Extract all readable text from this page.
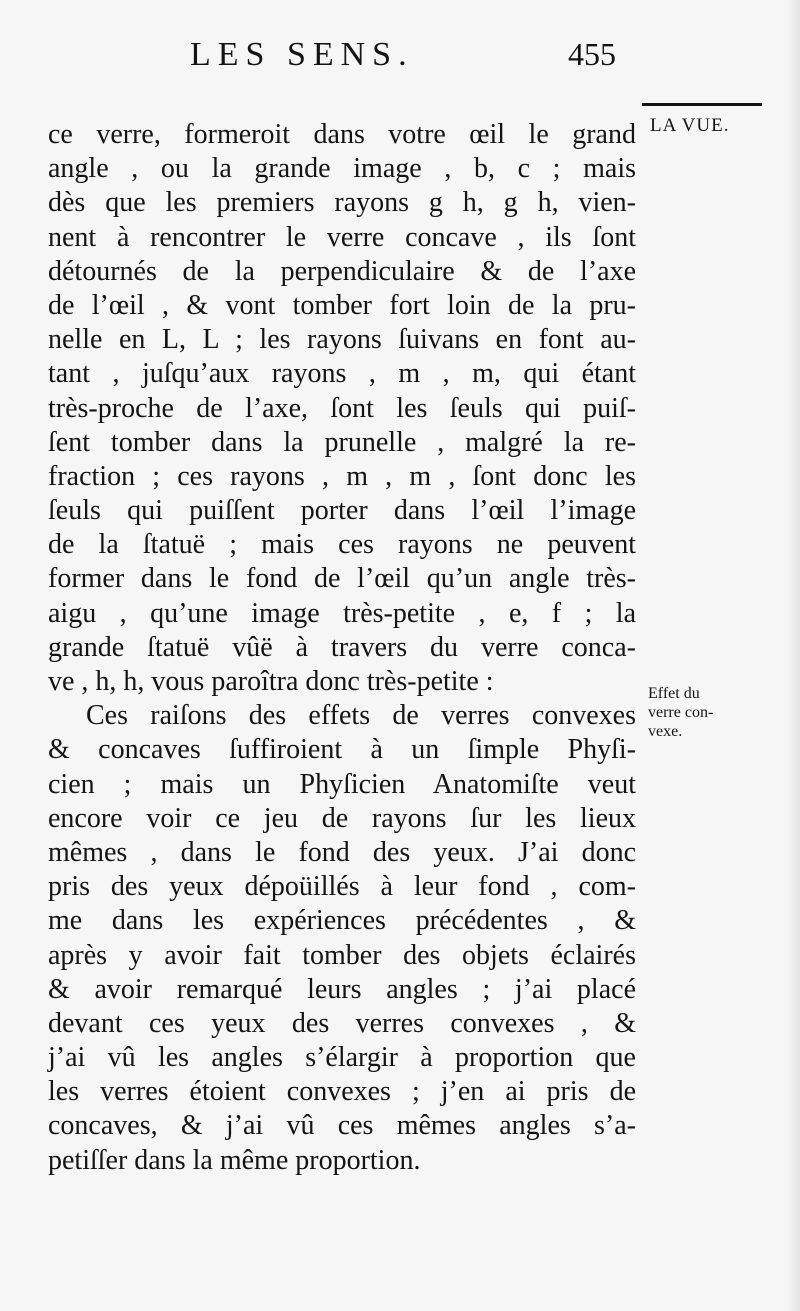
LES SENS.	455
LA VUE.
Effet du
verre con-
vexe.
ce verre, formeroit dans votre œil le grand
angle , ou la grande image , b, c ; mais
dès que les premiers rayons g h, g h, vien-
nent à rencontrer le verre concave , ils ſont
détournés de la perpendiculaire & de l’axe
de l’œil , & vont tomber fort loin de la pru-
nelle en L, L ; les rayons ſuivans en font au-
tant , juſqu’aux rayons , m , m, qui étant
très-proche de l’axe, ſont les ſeuls qui puiſ-
ſent tomber dans la prunelle , malgré la re-
fraction ; ces rayons , m , m , ſont donc les
ſeuls qui puiſſent porter dans l’œil l’image
de la ſtatuë ; mais ces rayons ne peuvent
former dans le fond de l’œil qu’un angle très-
aigu , qu’une image très-petite , e, f ; la
grande ſtatuë vûë à travers du verre conca-
ve , h, h, vous paroîtra donc très-petite :
Ces raiſons des effets de verres convexes
& concaves ſuffiroient à un ſimple Phyſi-
cien ; mais un Phyſicien Anatomiſte veut
encore voir ce jeu de rayons ſur les lieux
mêmes , dans le fond des yeux. J’ai donc
pris des yeux dépoüillés à leur fond , com-
me dans les expériences précédentes , &
après y avoir fait tomber des objets éclairés
& avoir remarqué leurs angles ; j’ai placé
devant ces yeux des verres convexes , &
j’ai vû les angles s’élargir à proportion que
les verres étoient convexes ; j’en ai pris de
concaves, & j’ai vû ces mêmes angles s’a-
petiſſer dans la même proportion.
